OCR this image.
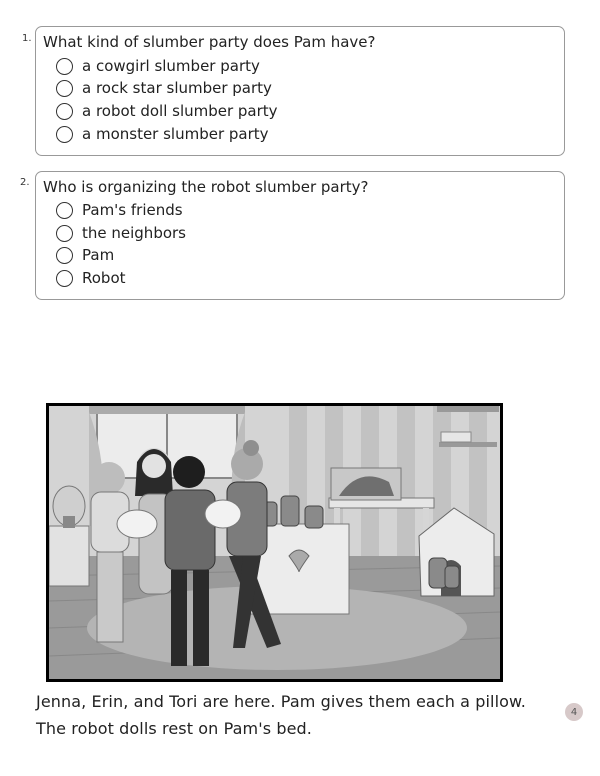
1. What kind of slumber party does Pam have?
a cowgirl slumber party
a rock star slumber party
a robot doll slumber party
a monster slumber party
2. Who is organizing the robot slumber party?
Pam's friends
the neighbors
Pam
Robot
Jenna, Erin, and Tori are here. Pam gives them each a pillow.
The robot dolls rest on Pam's bed.
4
